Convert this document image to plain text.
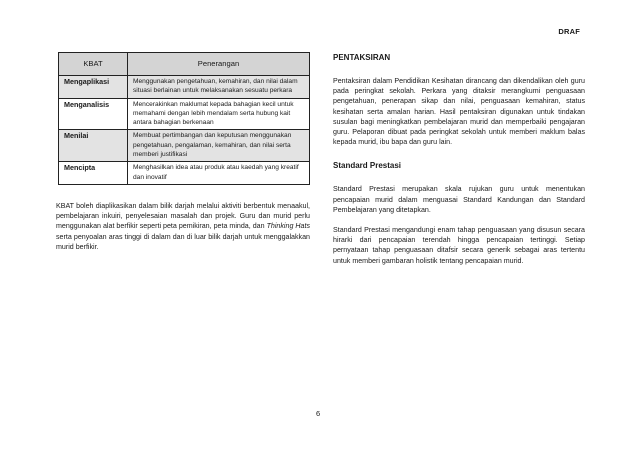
DRAF
KBAT	Penerangan
Mengaplikasi	Menggunakan pengetahuan, kemahiran, dan nilai dalam situasi berlainan untuk melaksanakan sesuatu perkara
Menganalisis	Mencerakinkan maklumat kepada bahagian kecil untuk memahami dengan lebih mendalam serta hubung kait antara bahagian berkenaan
Menilai	Membuat pertimbangan dan keputusan menggunakan pengetahuan, pengalaman, kemahiran, dan nilai serta memberi justifikasi
Mencipta	Menghasilkan idea atau produk atau kaedah yang kreatif dan inovatif

KBAT boleh diaplikasikan dalam bilik darjah melalui aktiviti berbentuk menaakul, pembelajaran inkuiri, penyelesaian masalah dan projek. Guru dan murid perlu menggunakan alat berfikir seperti peta pemikiran, peta minda, dan Thinking Hats serta penyoalan aras tinggi di dalam dan di luar bilik darjah untuk menggalakkan murid berfikir.

PENTAKSIRAN

Pentaksiran dalam Pendidikan Kesihatan dirancang dan dikendalikan oleh guru pada peringkat sekolah. Perkara yang ditaksir merangkumi penguasaan pengetahuan, penerapan sikap dan nilai, penguasaan kemahiran, status kesihatan serta amalan harian. Hasil pentaksiran digunakan untuk tindakan susulan bagi meningkatkan pembelajaran murid dan memperbaiki pengajaran guru. Pelaporan dibuat pada peringkat sekolah untuk memberi maklum balas kepada murid, ibu bapa dan guru lain.

Standard Prestasi

Standard Prestasi merupakan skala rujukan guru untuk menentukan pencapaian murid dalam menguasai Standard Kandungan dan Standard Pembelajaran yang ditetapkan.

Standard Prestasi mengandungi enam tahap penguasaan yang disusun secara hirarki dari pencapaian terendah hingga pencapaian tertinggi. Setiap pernyataan tahap penguasaan ditafsir secara generik sebagai aras tertentu untuk memberi gambaran holistik tentang pencapaian murid.

6
